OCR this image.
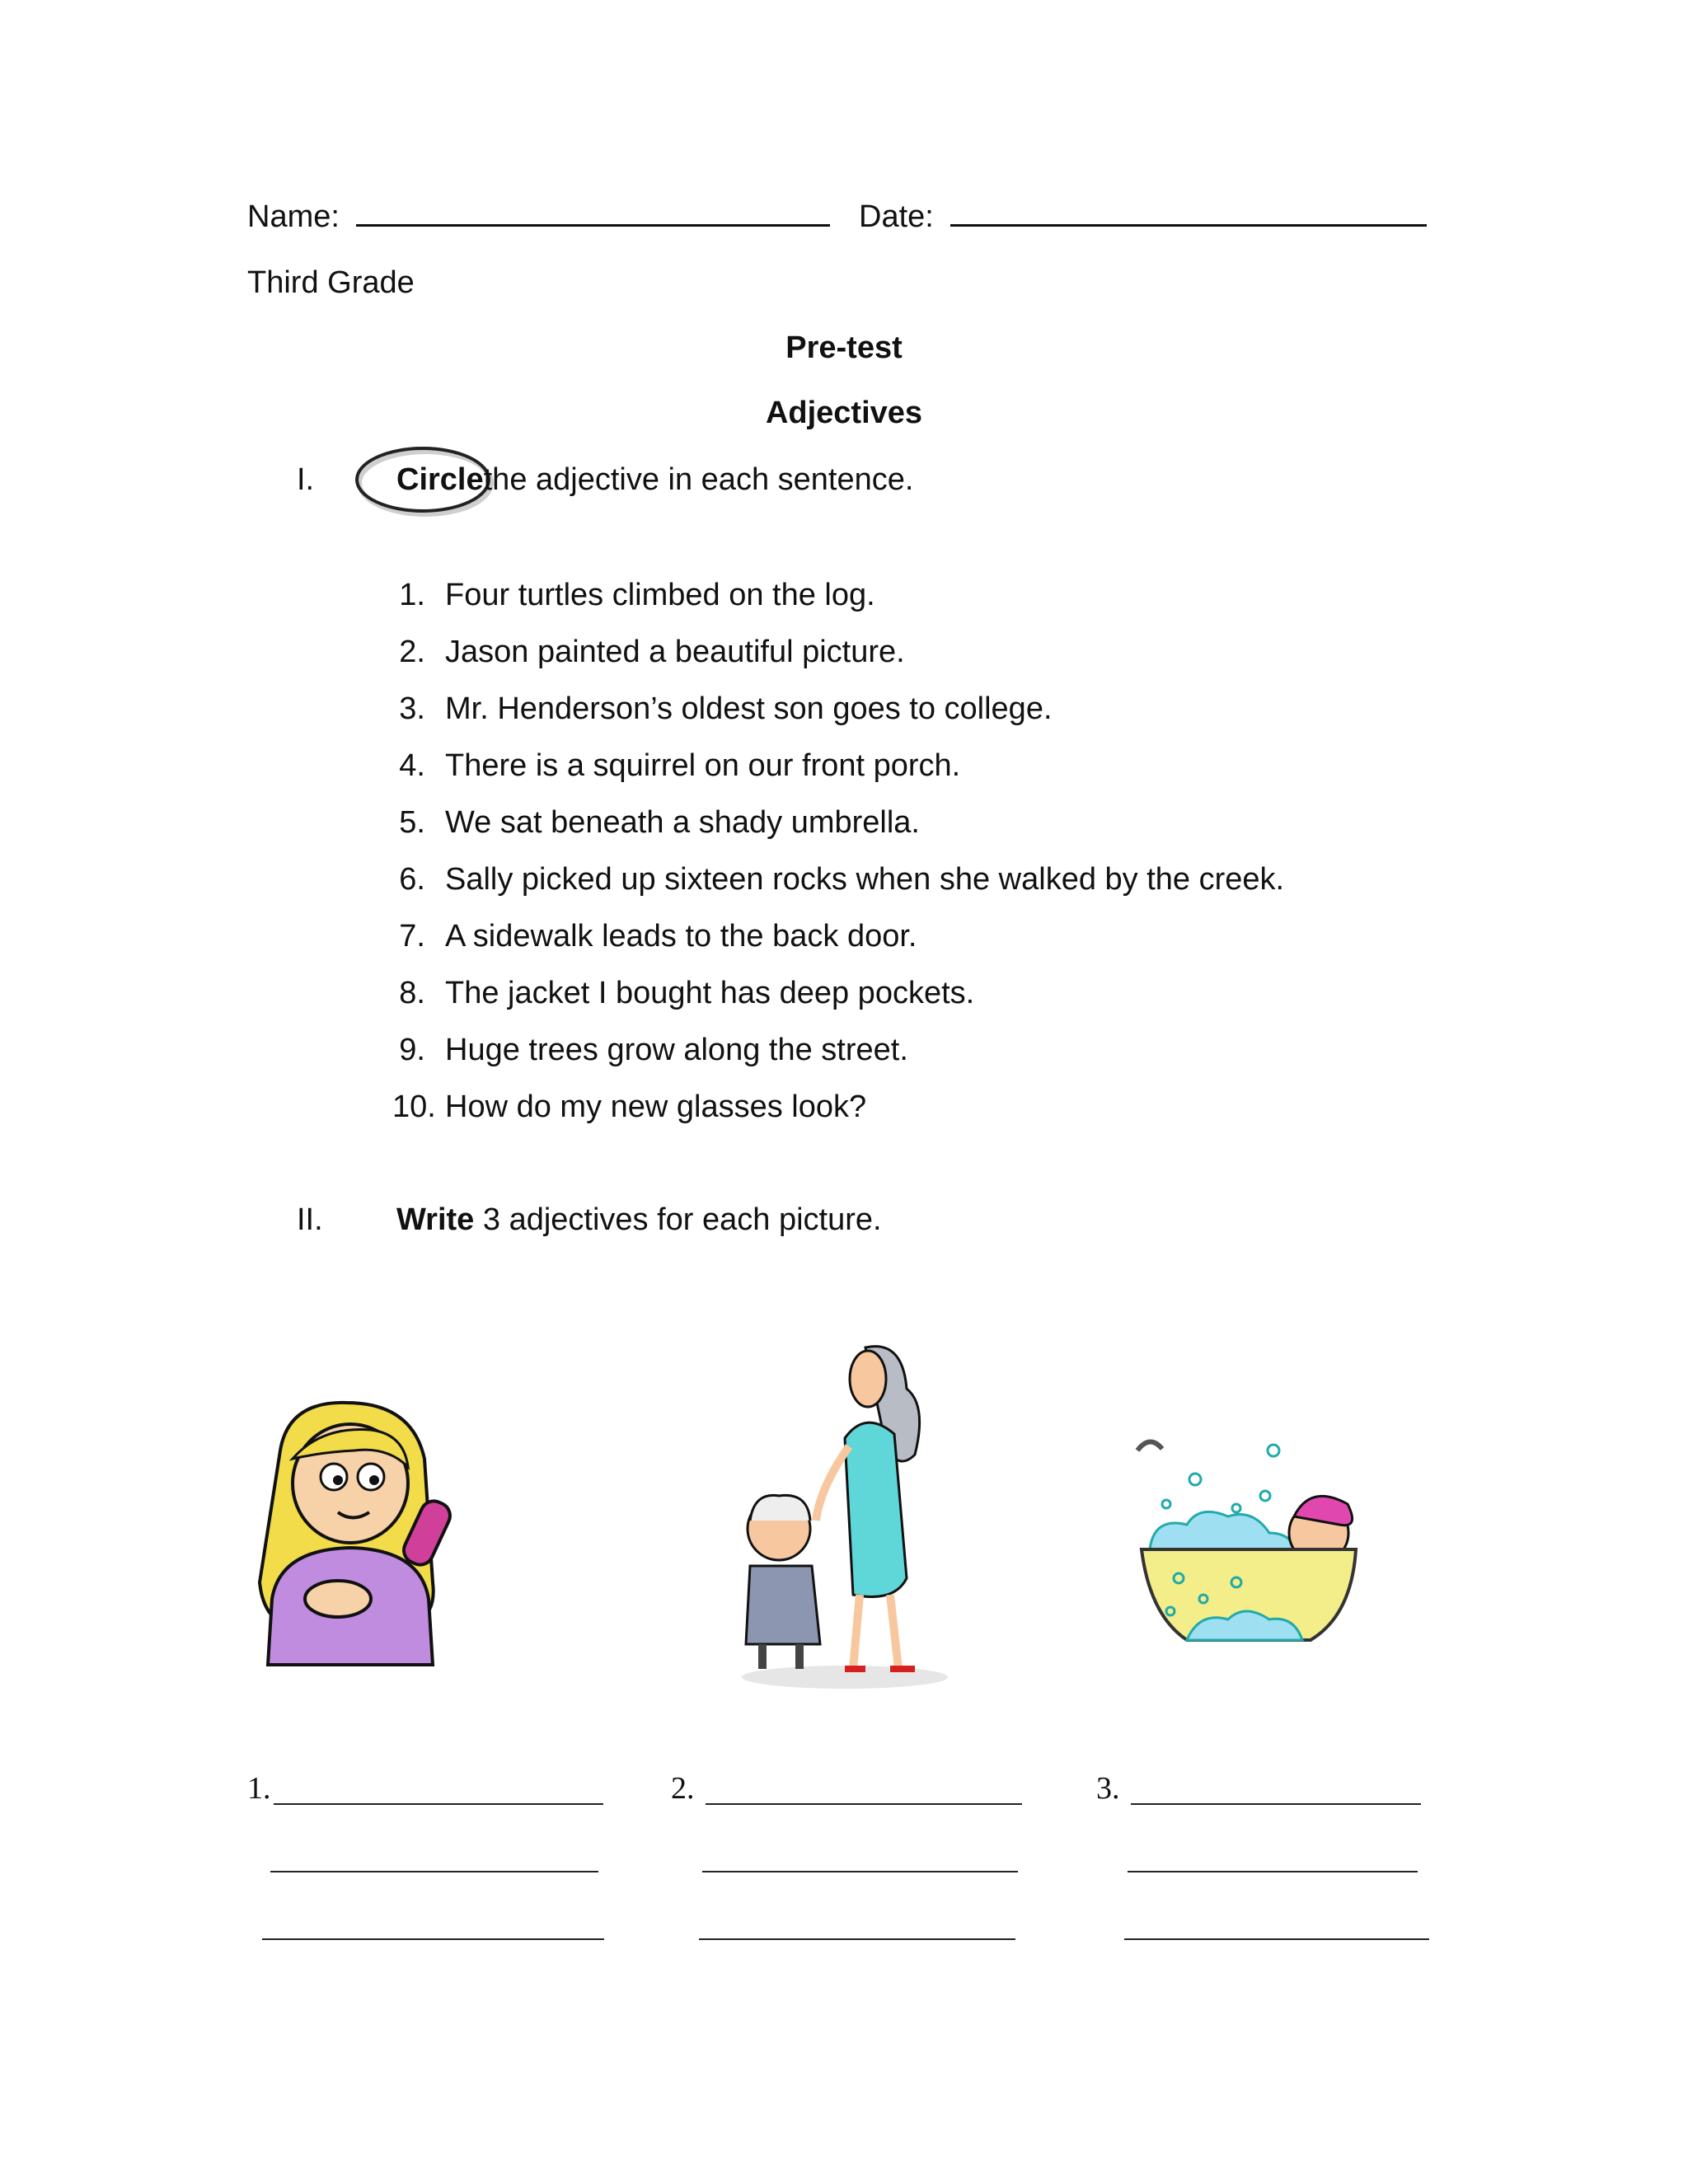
Name:	Date:
Third Grade
Pre-test
Adjectives
I.	Circlethe adjective in each sentence.
1. Four turtles climbed on the log.
2. Jason painted a beautiful picture.
3. Mr. Henderson’s oldest son goes to college.
4. There is a squirrel on our front porch.
5. We sat beneath a shady umbrella.
6. Sally picked up sixteen rocks when she walked by the creek.
7. A sidewalk leads to the back door.
8. The jacket I bought has deep pockets.
9. Huge trees grow along the street.
10. How do my new glasses look?
II. Write 3 adjectives for each picture.
1.	2.	3.
